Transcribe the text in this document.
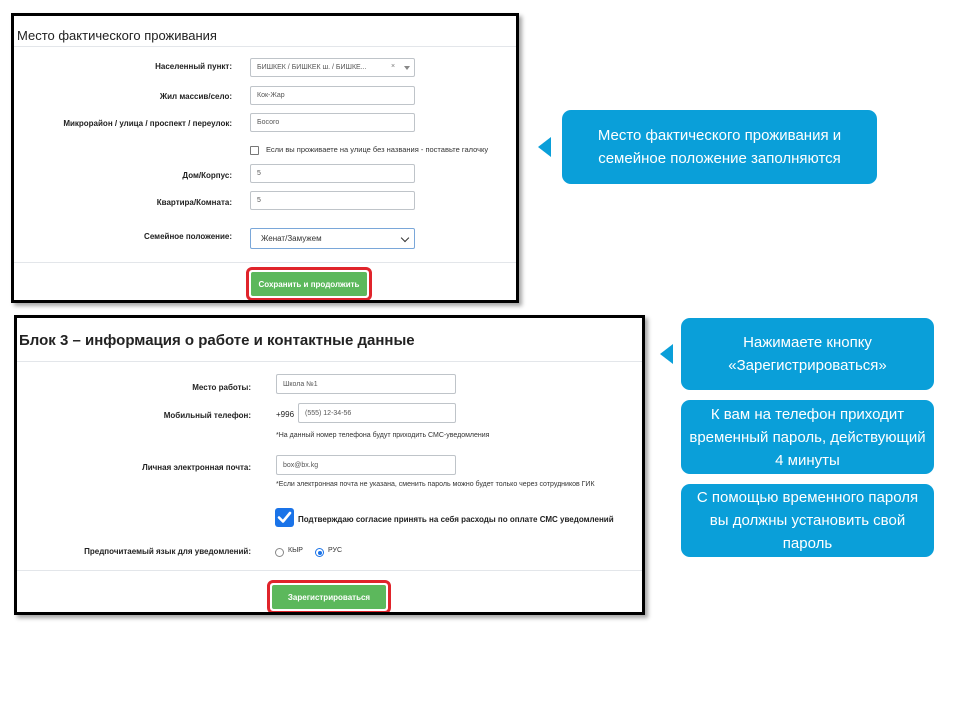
Место фактического проживания
Населенный пункт:	БИШКЕК / БИШКЕК ш. / БИШКЕ...	×
Жил массив/село:	Кок-Жар
Микрорайон / улица / проспект / переулок:	Босого
Если вы проживаете на улице без названия - поставьте галочку
Дом/Корпус:	5
Квартира/Комната:	5
Семейное положение:	Женат/Замужем
Сохранить и продолжить
Блок 3 – информация о работе и контактные данные
Место работы:	Школа №1
Мобильный телефон:	+996 (555) 12-34-56
*На данный номер телефона будут приходить СМС-уведомления
Личная электронная почта:	box@bx.kg
*Если электронная почта не указана, сменить пароль можно будет только через сотрудников ГИК
Подтверждаю согласие принять на себя расходы по оплате СМС уведомлений
Предпочитаемый язык для уведомлений:	КЫР	РУС
Зарегистрироваться
Место фактического проживания и семейное положение заполняются
Нажимаете кнопку «Зарегистрироваться»
К вам на телефон приходит временный пароль, действующий 4 минуты
С помощью временного пароля вы должны установить свой пароль
